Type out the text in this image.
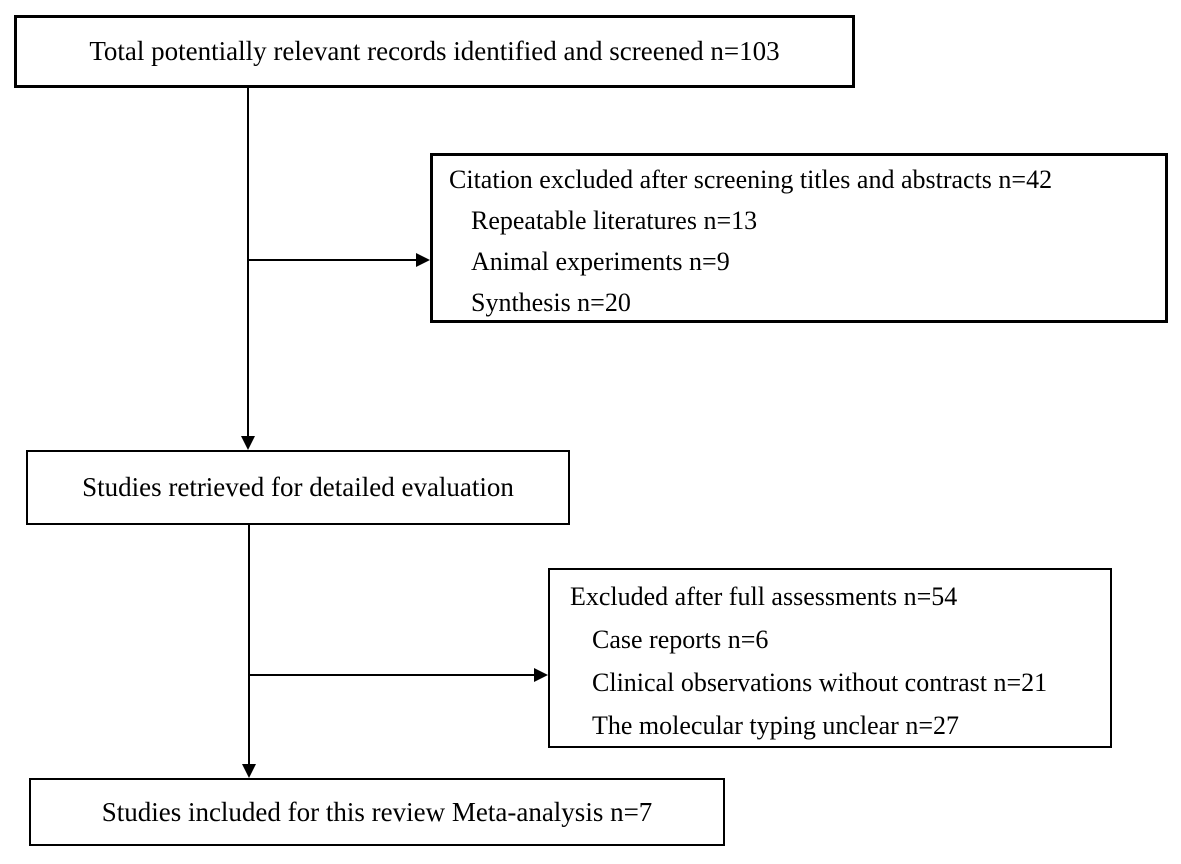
Total potentially relevant records identified and screened n=103
Citation excluded after screening titles and abstracts n=42
Repeatable literatures n=13
Animal experiments n=9
Synthesis n=20
Studies retrieved for detailed evaluation
Excluded after full assessments n=54
Case reports n=6
Clinical observations without contrast n=21
The molecular typing unclear n=27
Studies included for this review Meta-analysis n=7
